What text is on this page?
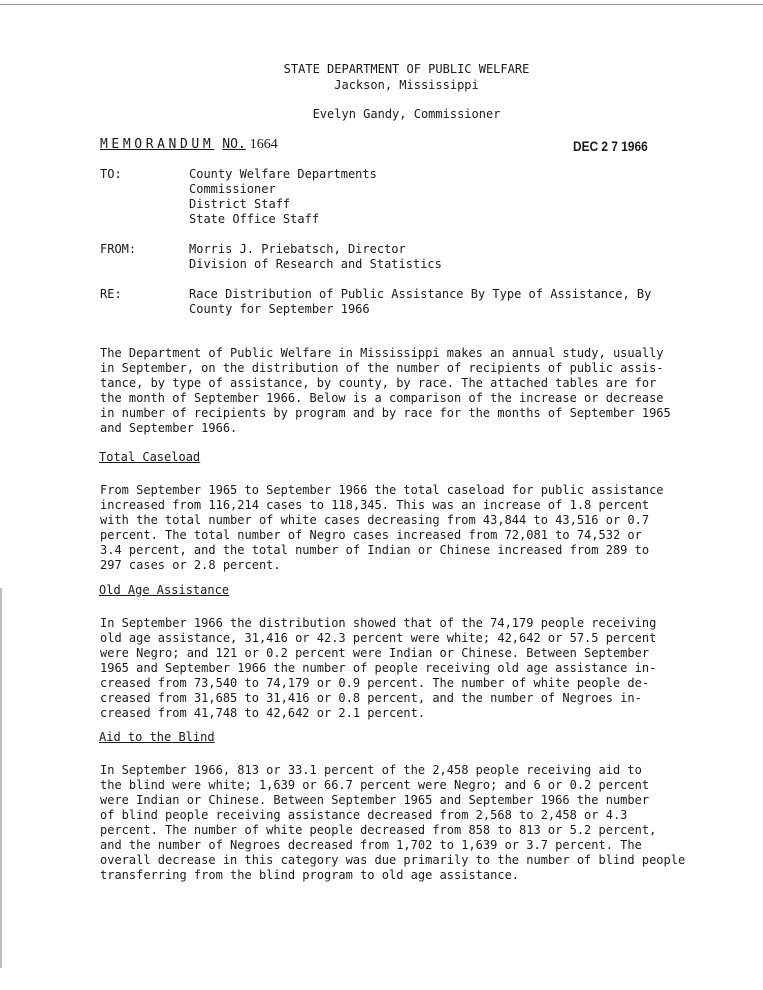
STATE DEPARTMENT OF PUBLIC WELFARE
Jackson, Mississippi
Evelyn Gandy, Commissioner
MEMORANDUM NO. 1664	DEC 2 7 1966
TO:	County Welfare Departments
Commissioner
District Staff
State Office Staff
FROM:	Morris J. Priebatsch, Director
Division of Research and Statistics
RE:	Race Distribution of Public Assistance By Type of Assistance, By
County for September 1966
The Department of Public Welfare in Mississippi makes an annual study, usually
in September, on the distribution of the number of recipients of public assis-
tance, by type of assistance, by county, by race. The attached tables are for
the month of September 1966. Below is a comparison of the increase or decrease
in number of recipients by program and by race for the months of September 1965
and September 1966.
Total Caseload
From September 1965 to September 1966 the total caseload for public assistance
increased from 116,214 cases to 118,345. This was an increase of 1.8 percent
with the total number of white cases decreasing from 43,844 to 43,516 or 0.7
percent. The total number of Negro cases increased from 72,081 to 74,532 or
3.4 percent, and the total number of Indian or Chinese increased from 289 to
297 cases or 2.8 percent.
Old Age Assistance
In September 1966 the distribution showed that of the 74,179 people receiving
old age assistance, 31,416 or 42.3 percent were white; 42,642 or 57.5 percent
were Negro; and 121 or 0.2 percent were Indian or Chinese. Between September
1965 and September 1966 the number of people receiving old age assistance in-
creased from 73,540 to 74,179 or 0.9 percent. The number of white people de-
creased from 31,685 to 31,416 or 0.8 percent, and the number of Negroes in-
creased from 41,748 to 42,642 or 2.1 percent.
Aid to the Blind
In September 1966, 813 or 33.1 percent of the 2,458 people receiving aid to
the blind were white; 1,639 or 66.7 percent were Negro; and 6 or 0.2 percent
were Indian or Chinese. Between September 1965 and September 1966 the number
of blind people receiving assistance decreased from 2,568 to 2,458 or 4.3
percent. The number of white people decreased from 858 to 813 or 5.2 percent,
and the number of Negroes decreased from 1,702 to 1,639 or 3.7 percent. The
overall decrease in this category was due primarily to the number of blind people
transferring from the blind program to old age assistance.
